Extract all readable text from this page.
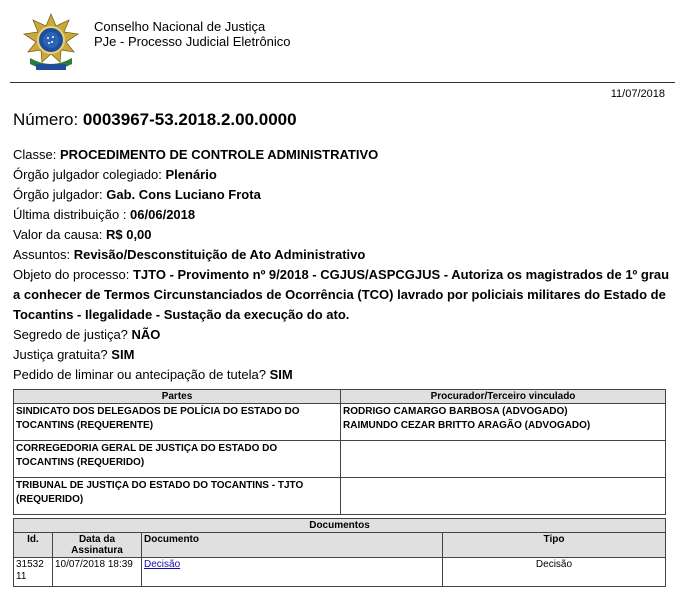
Conselho Nacional de Justiça
PJe - Processo Judicial Eletrônico
11/07/2018
Número: 0003967-53.2018.2.00.0000
Classe: PROCEDIMENTO DE CONTROLE ADMINISTRATIVO
Órgão julgador colegiado: Plenário
Órgão julgador: Gab. Cons Luciano Frota
Última distribuição : 06/06/2018
Valor da causa: R$ 0,00
Assuntos: Revisão/Desconstituição de Ato Administrativo
Objeto do processo: TJTO - Provimento nº 9/2018 - CGJUS/ASPCGJUS - Autoriza os magistrados de 1º grau a conhecer de Termos Circunstanciados de Ocorrência (TCO) lavrado por policiais militares do Estado de Tocantins - Ilegalidade - Sustação da execução do ato.
Segredo de justiça? NÃO
Justiça gratuita? SIM
Pedido de liminar ou antecipação de tutela? SIM
Partes	Procurador/Terceiro vinculado
SINDICATO DOS DELEGADOS DE POLÍCIA DO ESTADO DO TOCANTINS (REQUERENTE)	RODRIGO CAMARGO BARBOSA (ADVOGADO)
RAIMUNDO CEZAR BRITTO ARAGÃO (ADVOGADO)

CORREGEDORIA GERAL DE JUSTIÇA DO ESTADO DO TOCANTINS (REQUERIDO)	
TRIBUNAL DE JUSTIÇA DO ESTADO DO TOCANTINS - TJTO (REQUERIDO)	
Documentos			
Id.	Data da Assinatura	Documento	Tipo
31532 11	10/07/2018 18:39	Decisão	Decisão
